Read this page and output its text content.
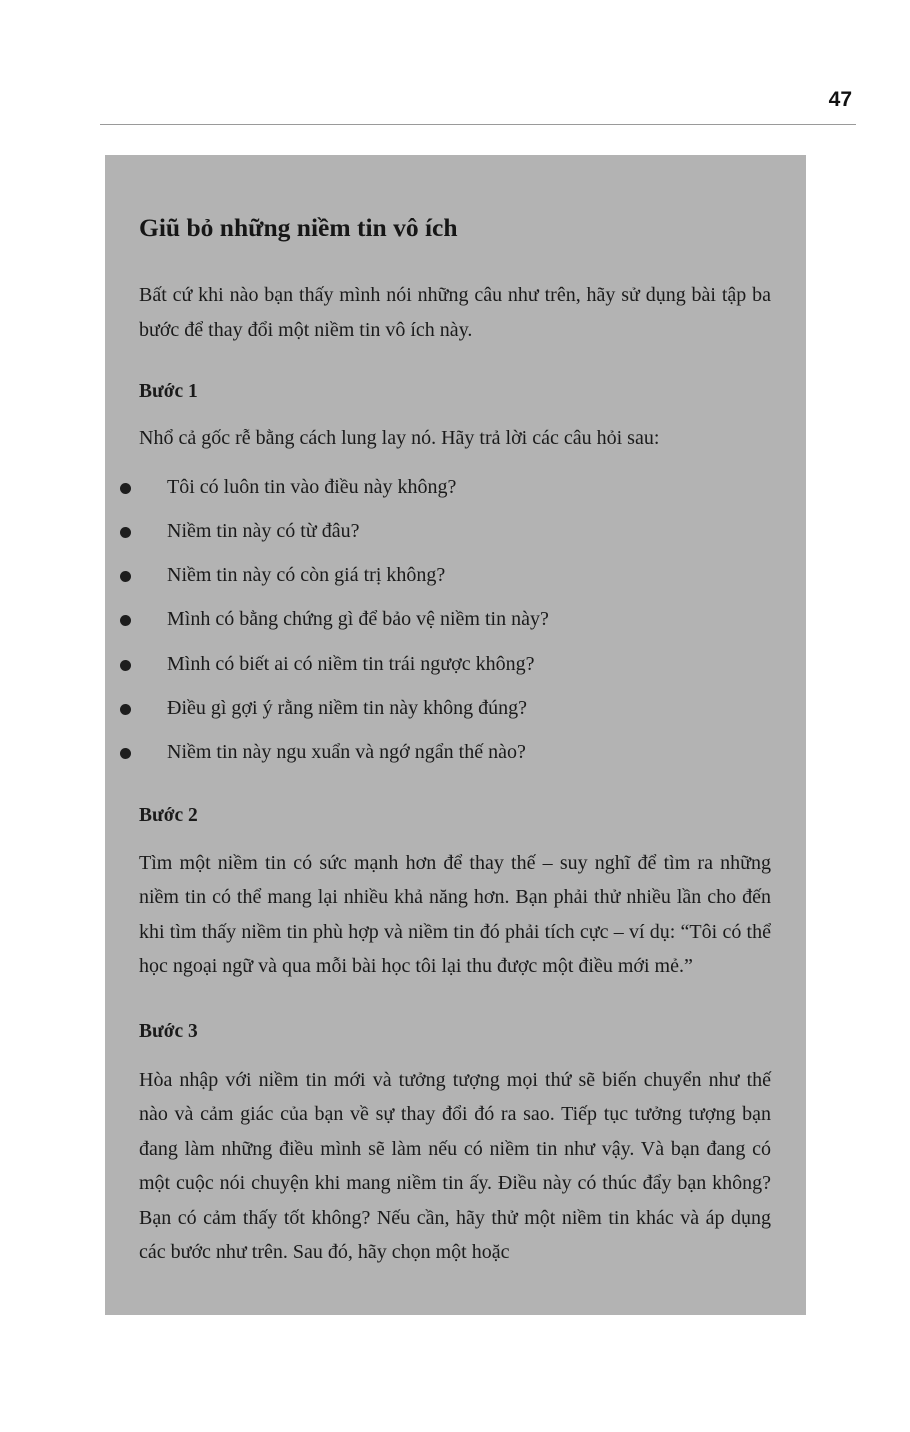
47
Giũ bỏ những niềm tin vô ích

Bất cứ khi nào bạn thấy mình nói những câu như trên, hãy sử dụng bài tập ba bước để thay đổi một niềm tin vô ích này.

Bước 1

Nhổ cả gốc rễ bằng cách lung lay nó. Hãy trả lời các câu hỏi sau:

Tôi có luôn tin vào điều này không?
Niềm tin này có từ đâu?
Niềm tin này có còn giá trị không?
Mình có bằng chứng gì để bảo vệ niềm tin này?
Mình có biết ai có niềm tin trái ngược không?
Điều gì gợi ý rằng niềm tin này không đúng?
Niềm tin này ngu xuẩn và ngớ ngẩn thế nào?
Bước 2

Tìm một niềm tin có sức mạnh hơn để thay thế – suy nghĩ để tìm ra những niềm tin có thể mang lại nhiều khả năng hơn. Bạn phải thử nhiều lần cho đến khi tìm thấy niềm tin phù hợp và niềm tin đó phải tích cực – ví dụ: “Tôi có thể học ngoại ngữ và qua mỗi bài học tôi lại thu được một điều mới mẻ.”

Bước 3

Hòa nhập với niềm tin mới và tưởng tượng mọi thứ sẽ biến chuyển như thế nào và cảm giác của bạn về sự thay đổi đó ra sao. Tiếp tục tưởng tượng bạn đang làm những điều mình sẽ làm nếu có niềm tin như vậy. Và bạn đang có một cuộc nói chuyện khi mang niềm tin ấy. Điều này có thúc đẩy bạn không? Bạn có cảm thấy tốt không? Nếu cần, hãy thử một niềm tin khác và áp dụng các bước như trên. Sau đó, hãy chọn một hoặc
